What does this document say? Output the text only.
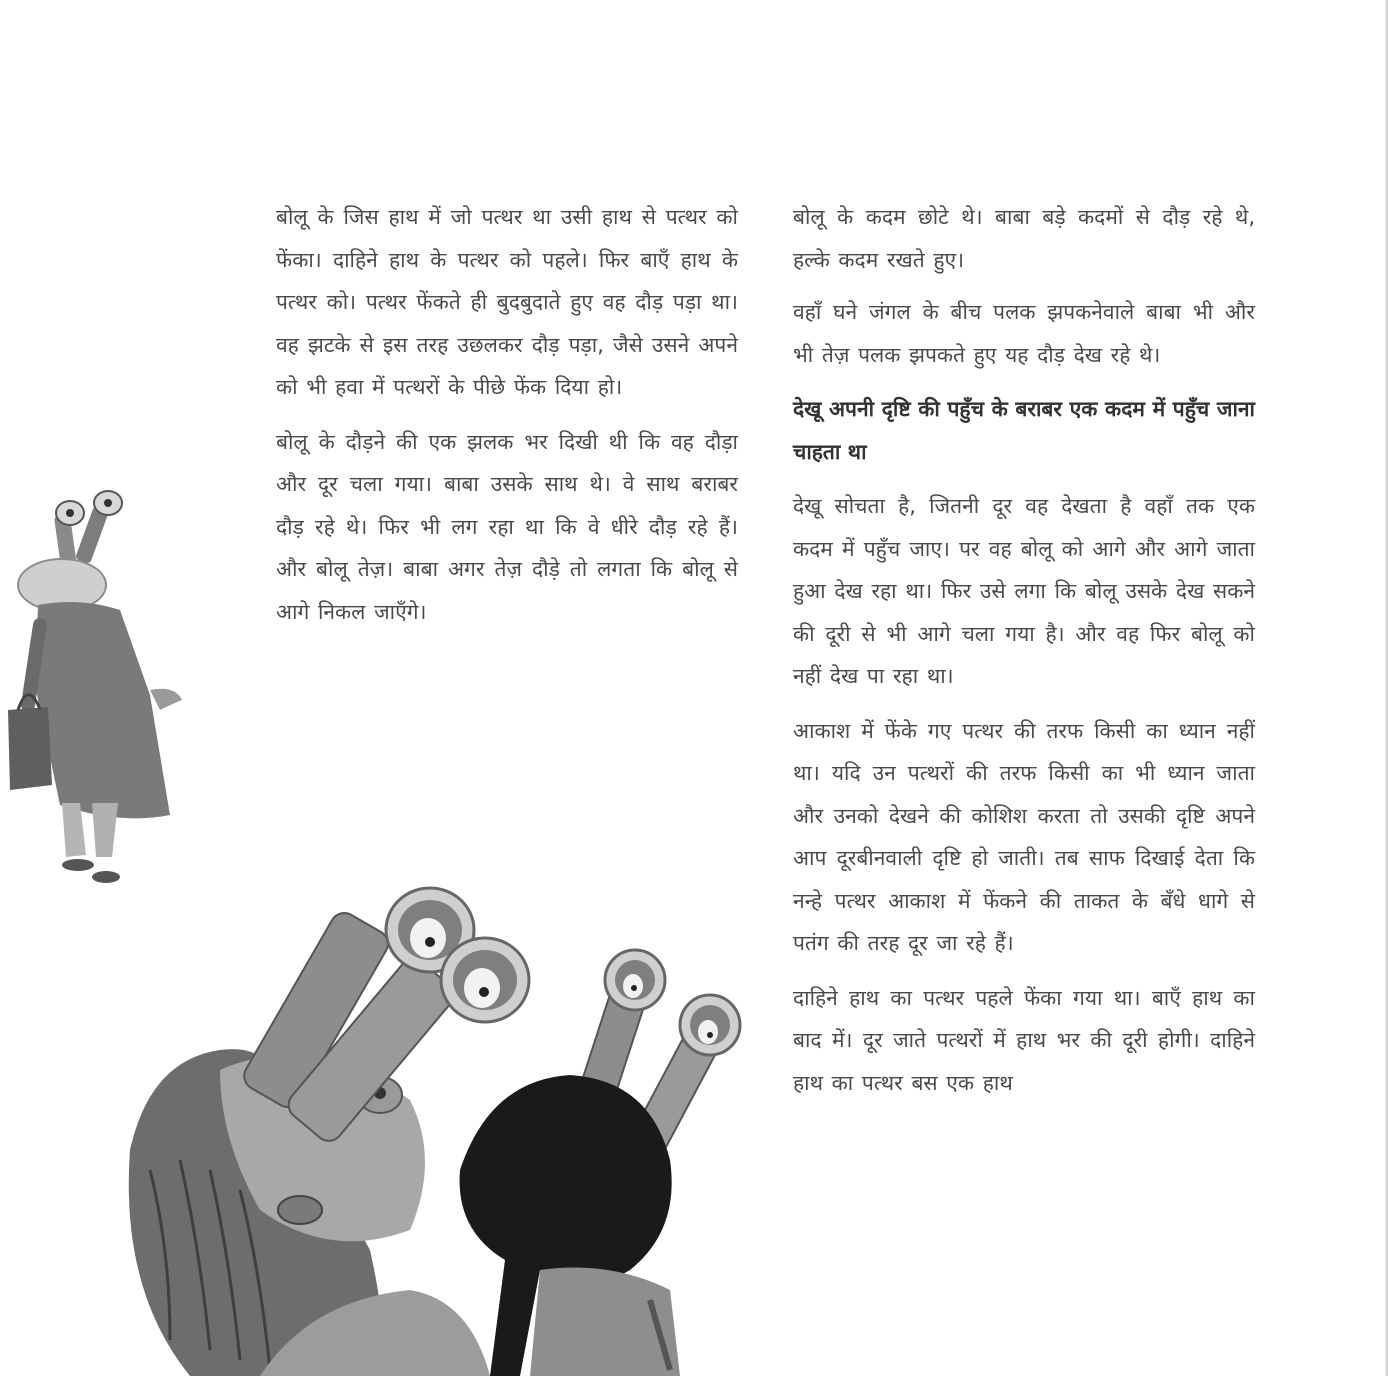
बोलू के जिस हाथ में जो पत्थर था उसी हाथ से पत्थर को फेंका। दाहिने हाथ के पत्थर को पहले। फिर बाएँ हाथ के पत्थर को। पत्थर फेंकते ही बुदबुदाते हुए वह दौड़ पड़ा था। वह झटके से इस तरह उछलकर दौड़ पड़ा, जैसे उसने अपने को भी हवा में पत्थरों के पीछे फेंक दिया हो।

बोलू के दौड़ने की एक झलक भर दिखी थी कि वह दौड़ा और दूर चला गया। बाबा उसके साथ थे। वे साथ बराबर दौड़ रहे थे। फिर भी लग रहा था कि वे धीरे दौड़ रहे हैं। और बोलू तेज़। बाबा अगर तेज़ दौड़े तो लगता कि बोलू से आगे निकल जाएँगे।

बोलू के कदम छोटे थे। बाबा बड़े कदमों से दौड़ रहे थे, हल्के कदम रखते हुए।

वहाँ घने जंगल के बीच पलक झपकनेवाले बाबा भी और भी तेज़ पलक झपकते हुए यह दौड़ देख रहे थे।

देखू अपनी दृष्टि की पहुँच के बराबर एक कदम में पहुँच जाना चाहता था

देखू सोचता है, जितनी दूर वह देखता है वहाँ तक एक कदम में पहुँच जाए। पर वह बोलू को आगे और आगे जाता हुआ देख रहा था। फिर उसे लगा कि बोलू उसके देख सकने की दूरी से भी आगे चला गया है। और वह फिर बोलू को नहीं देख पा रहा था।

आकाश में फेंके गए पत्थर की तरफ किसी का ध्यान नहीं था। यदि उन पत्थरों की तरफ किसी का भी ध्यान जाता और उनको देखने की कोशिश करता तो उसकी दृष्टि अपने आप दूरबीनवाली दृष्टि हो जाती। तब साफ दिखाई देता कि नन्हे पत्थर आकाश में फेंकने की ताकत के बँधे धागे से पतंग की तरह दूर जा रहे हैं।

दाहिने हाथ का पत्थर पहले फेंका गया था। बाएँ हाथ का बाद में। दूर जाते पत्थरों में हाथ भर की दूरी होगी। दाहिने हाथ का पत्थर बस एक हाथ
